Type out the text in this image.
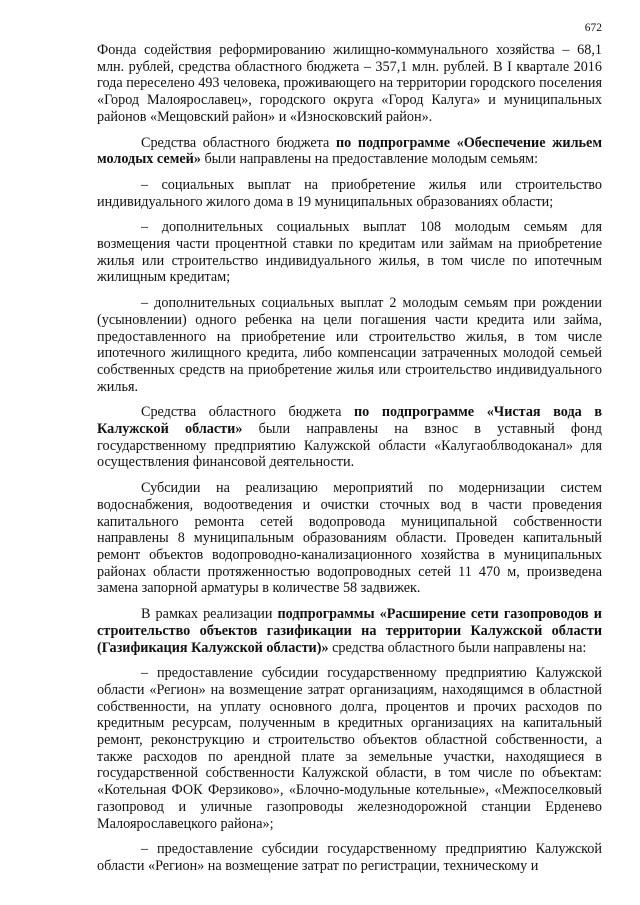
672

Фонда содействия реформированию жилищно-коммунального хозяйства – 68,1 млн. рублей, средства областного бюджета – 357,1 млн. рублей. В I квартале 2016 года переселено 493 человека, проживающего на территории городского поселения «Город Малоярославец», городского округа «Город Калуга» и муниципальных районов «Мещовский район» и «Износковский район».

Средства областного бюджета по подпрограмме «Обеспечение жильем молодых семей» были направлены на предоставление молодым семьям:

– социальных выплат на приобретение жилья или строительство индивидуального жилого дома в 19 муниципальных образованиях области;

– дополнительных социальных выплат 108 молодым семьям для возмещения части процентной ставки по кредитам или займам на приобретение жилья или строительство индивидуального жилья, в том числе по ипотечным жилищным кредитам;

– дополнительных социальных выплат 2 молодым семьям при рождении (усыновлении) одного ребенка на цели погашения части кредита или займа, предоставленного на приобретение или строительство жилья, в том числе ипотечного жилищного кредита, либо компенсации затраченных молодой семьей собственных средств на приобретение жилья или строительство индивидуального жилья.

Средства областного бюджета по подпрограмме «Чистая вода в Калужской области» были направлены на взнос в уставный фонд государственному предприятию Калужской области «Калугаоблводоканал» для осуществления финансовой деятельности.

Субсидии на реализацию мероприятий по модернизации систем водоснабжения, водоотведения и очистки сточных вод в части проведения капитального ремонта сетей водопровода муниципальной собственности направлены 8 муниципальным образованиям области. Проведен капитальный ремонт объектов водопроводно-канализационного хозяйства в муниципальных районах области протяженностью водопроводных сетей 11 470 м, произведена замена запорной арматуры в количестве 58 задвижек.

В рамках реализации подпрограммы «Расширение сети газопроводов и строительство объектов газификации на территории Калужской области (Газификация Калужской области)» средства областного были направлены на:

– предоставление субсидии государственному предприятию Калужской области «Регион» на возмещение затрат организациям, находящимся в областной собственности, на уплату основного долга, процентов и прочих расходов по кредитным ресурсам, полученным в кредитных организациях на капитальный ремонт, реконструкцию и строительство объектов областной собственности, а также расходов по арендной плате за земельные участки, находящиеся в государственной собственности Калужской области, в том числе по объектам: «Котельная ФОК Ферзиково», «Блочно-модульные котельные», «Межпоселковый газопровод и уличные газопроводы железнодорожной станции Ерденево Малоярославецкого района»;

– предоставление субсидии государственному предприятию Калужской области «Регион» на возмещение затрат по регистрации, техническому и
